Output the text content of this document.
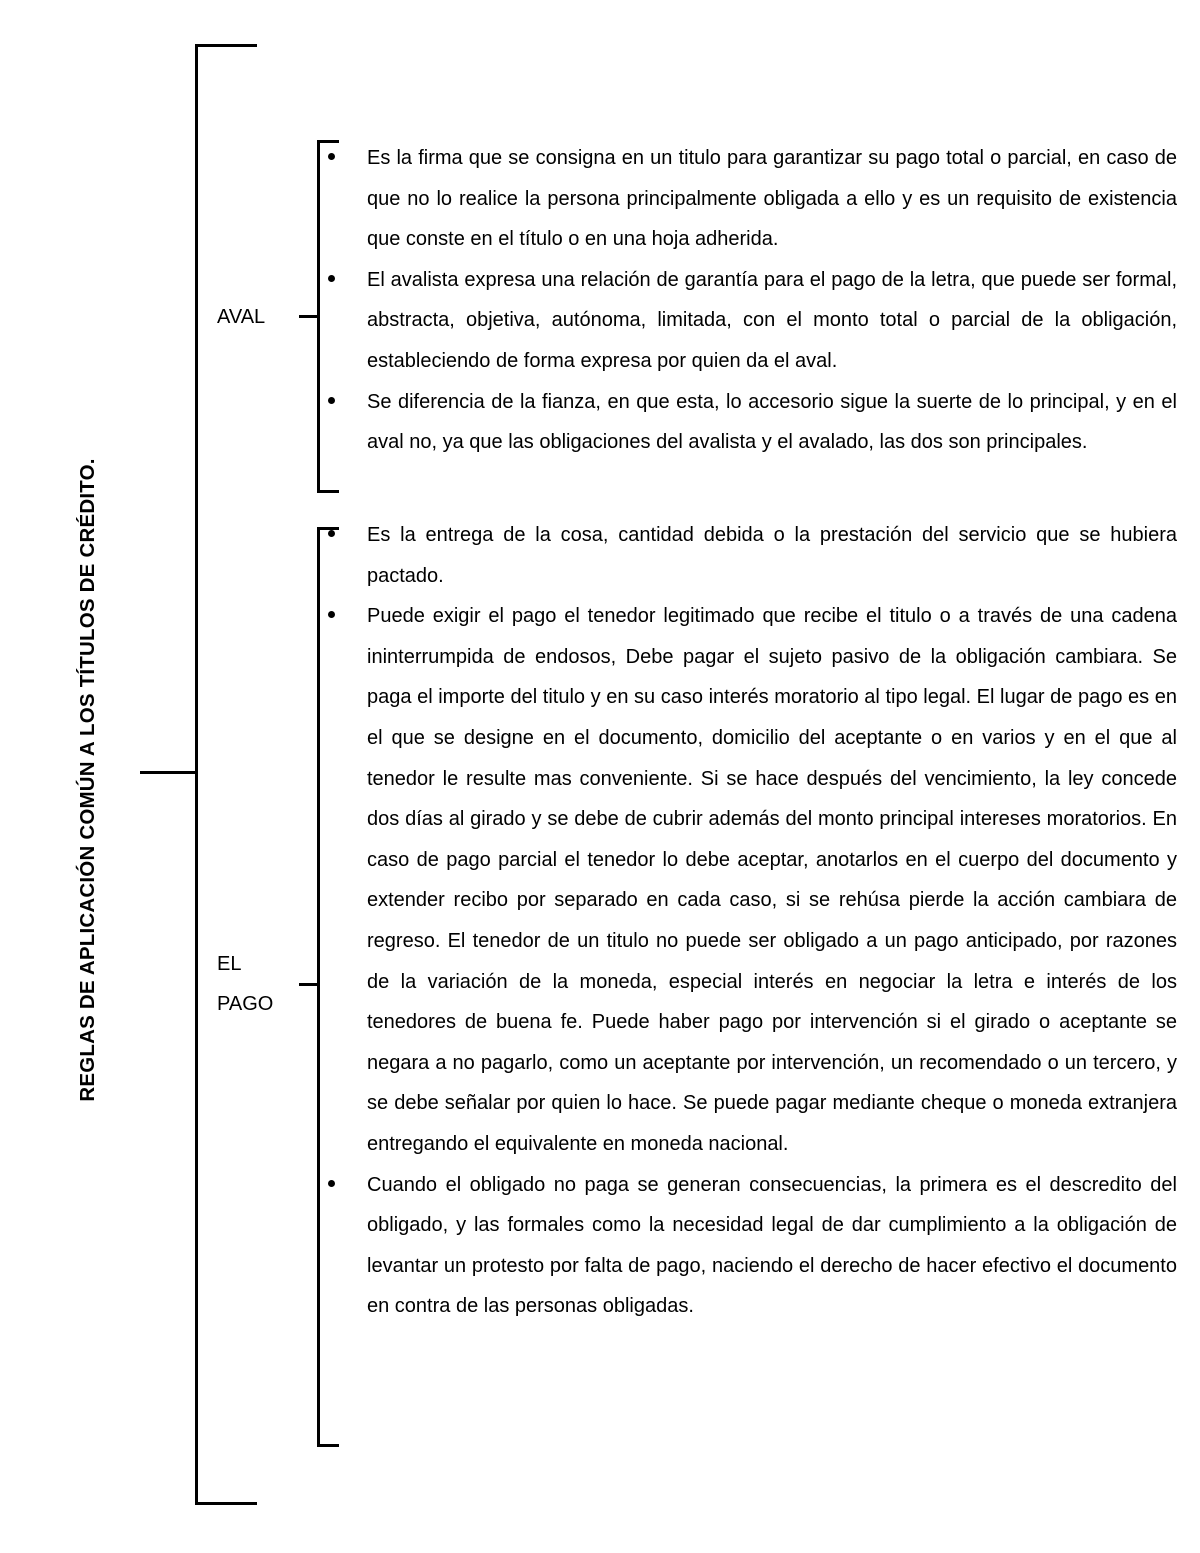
REGLAS DE APLICACIÓN COMÚN A LOS TÍTULOS DE CRÉDITO.
AVAL
Es la firma que se consigna en un titulo para garantizar su pago total o parcial, en caso de que no lo realice la persona principalmente obligada a ello y es un requisito de existencia que conste en el título o en una hoja adherida.
El avalista expresa una relación de garantía para el pago de la letra, que puede ser formal, abstracta, objetiva, autónoma, limitada, con el monto total o parcial de la obligación, estableciendo de forma expresa por quien da el aval.
Se diferencia de la fianza, en que esta, lo accesorio sigue la suerte de lo principal, y en el aval no, ya que las obligaciones del avalista y el avalado, las dos son principales.
EL
PAGO
Es la entrega de la cosa, cantidad debida o la prestación del servicio que se hubiera pactado.
Puede exigir el pago el tenedor legitimado que recibe el titulo o a través de una cadena ininterrumpida de endosos, Debe pagar el sujeto pasivo de la obligación cambiara. Se paga el importe del titulo y en su caso interés moratorio al tipo legal. El lugar de pago es en el que se designe en el documento, domicilio del aceptante o en varios y en el que al tenedor le resulte mas conveniente. Si se hace después del vencimiento, la ley concede dos días al girado y se debe de cubrir además del monto principal intereses moratorios. En caso de pago parcial el tenedor lo debe aceptar, anotarlos en el cuerpo del documento y extender recibo por separado en cada caso, si se rehúsa pierde la acción cambiara de regreso. El tenedor de un titulo no puede ser obligado a un pago anticipado, por razones de la variación de la moneda, especial interés en negociar la letra e interés de los tenedores de buena fe. Puede haber pago por intervención si el girado o aceptante se negara a no pagarlo, como un aceptante por intervención, un recomendado o un tercero, y se debe señalar por quien lo hace. Se puede pagar mediante cheque o moneda extranjera entregando el equivalente en moneda nacional.
Cuando el obligado no paga se generan consecuencias, la primera es el descredito del obligado, y las formales como la necesidad legal de dar cumplimiento a la obligación de levantar un protesto por falta de pago, naciendo el derecho de hacer efectivo el documento en contra de las personas obligadas.
